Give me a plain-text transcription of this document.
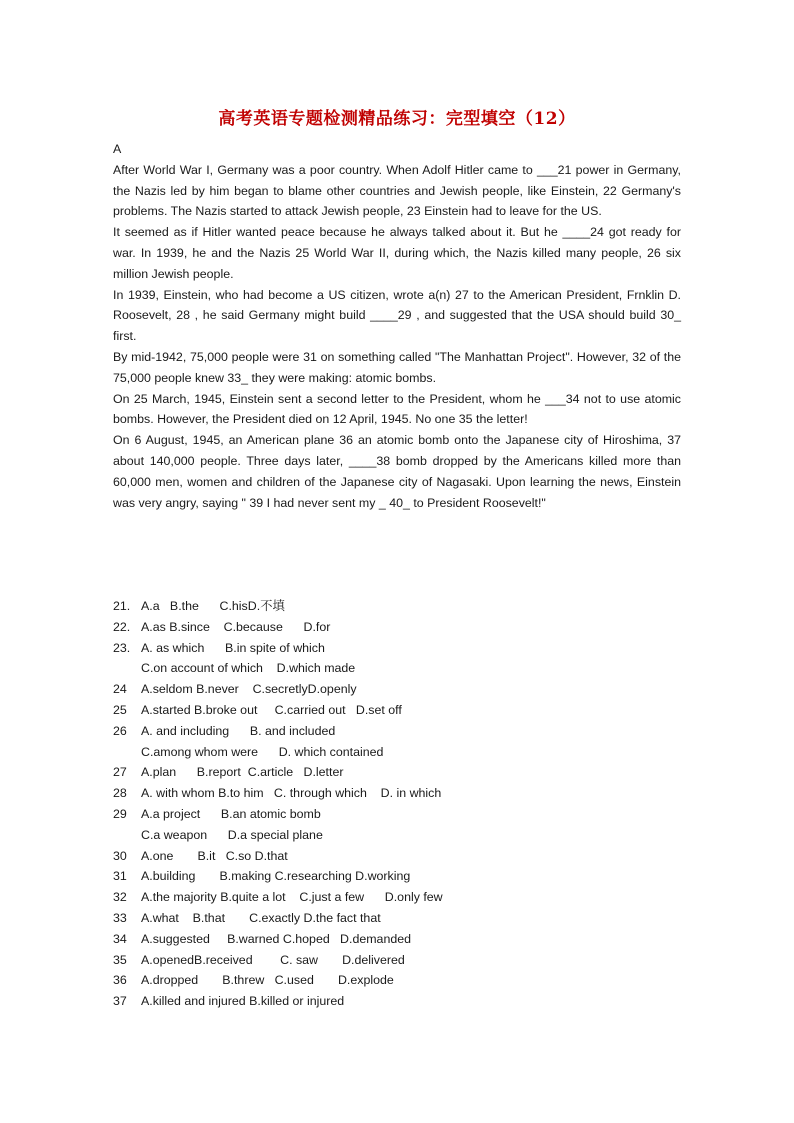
高考英语专题检测精品练习：完型填空（12）

A

After World War I, Germany was a poor country. When Adolf Hitler came to ___21 power in Germany, the Nazis led by him began to blame other countries and Jewish people, like Einstein, 22 Germany's problems. The Nazis started to attack Jewish people, 23 Einstein had to leave for the US.

It seemed as if Hitler wanted peace because he always talked about it. But he ____24 got ready for war. In 1939, he and the Nazis 25 World War II, during which, the Nazis killed many people, 26 six million Jewish people.

In 1939, Einstein, who had become a US citizen, wrote a(n) 27 to the American President, Frnklin D. Roosevelt, 28 , he said Germany might build ____29 , and suggested that the USA should build 30_ first.

By mid-1942, 75,000 people were 31 on something called "The Manhattan Project". However, 32 of the 75,000 people knew 33_ they were making: atomic bombs.

On 25 March, 1945, Einstein sent a second letter to the President, whom he ___34 not to use atomic bombs. However, the President died on 12 April, 1945. No one 35 the letter!

On 6 August, 1945, an American plane 36 an atomic bomb onto the Japanese city of Hiroshima, 37 about 140,000 people. Three days later, ____38 bomb dropped by the Americans killed more than 60,000 men, women and children of the Japanese city of Nagasaki. Upon learning the news, Einstein was very angry, saying " 39 I had never sent my _ 40_ to President Roosevelt!"

21. A.a   B.the      C.hisD.不填
22. A.as B.since    C.because      D.for
23. A. as which      B.in spite of which
C.on account of which    D.which made
24	A.seldom B.never    C.secretlyD.openly
25	A.started B.broke out     C.carried out   D.set off
26	A. and including      B. and included
C.among whom were      D. which contained
27	A.plan      B.report  C.article   D.letter
28	A. with whom B.to him   C. through which    D. in which
29	A.a project      B.an atomic bomb
C.a weapon      D.a special plane
30	A.one       B.it   C.so D.that
31	A.building       B.making C.researching D.working
32	A.the majority B.quite a lot    C.just a few      D.only few
33	A.what    B.that       C.exactly D.the fact that
34	A.suggested     B.warned C.hoped   D.demanded
35	A.openedB.received        C. saw       D.delivered
36	A.dropped       B.threw   C.used       D.explode
37	A.killed and injured B.killed or injured
